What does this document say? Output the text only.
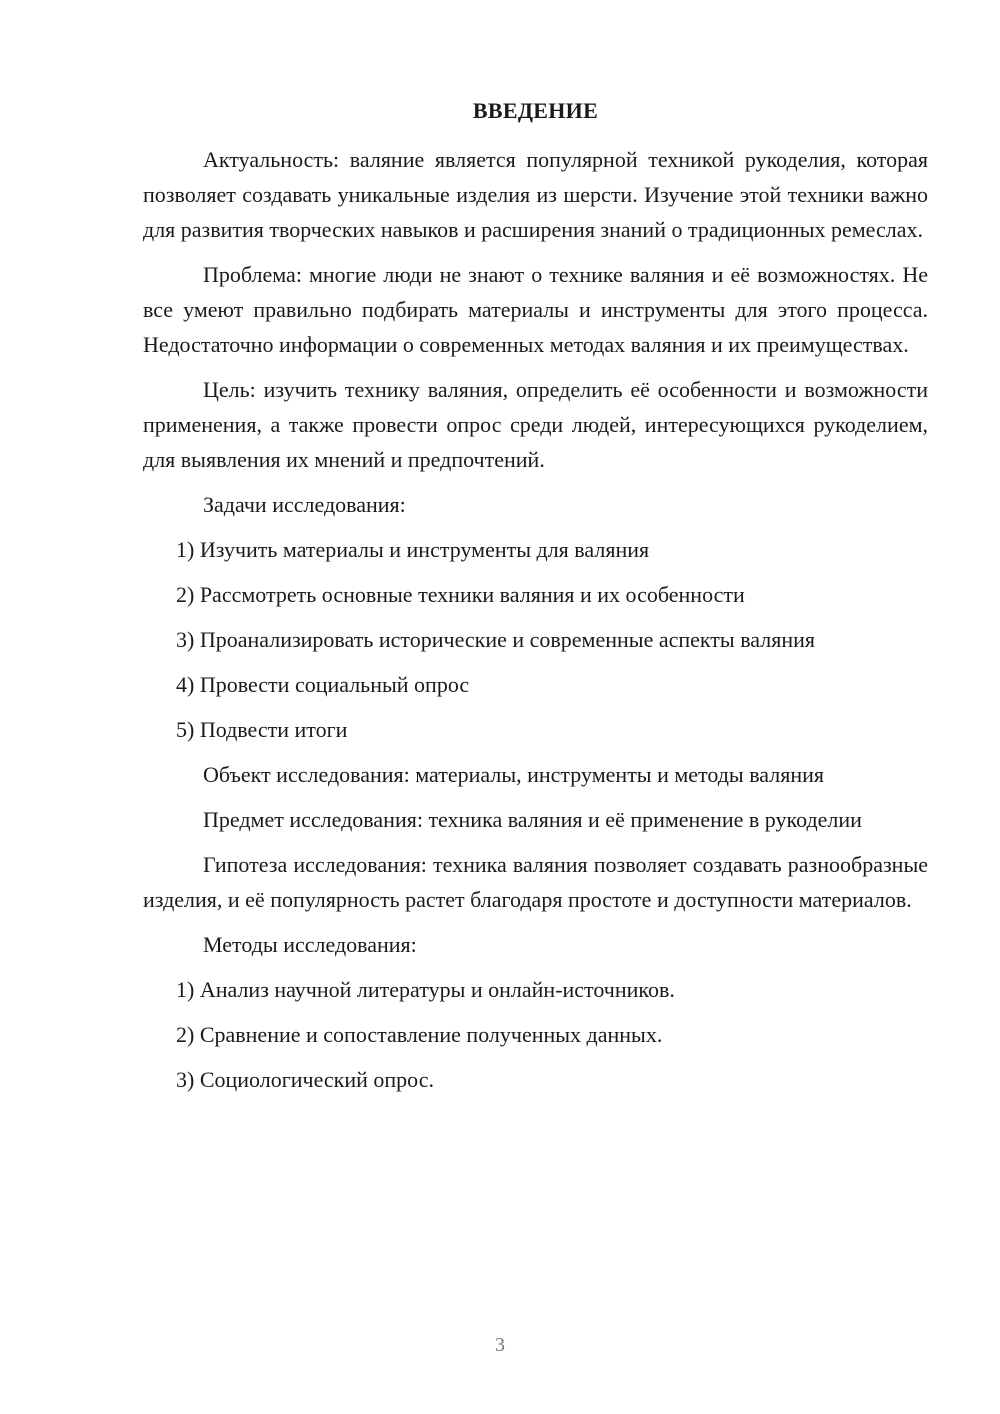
ВВЕДЕНИЕ

Актуальность: валяние является популярной техникой рукоделия, которая позволяет создавать уникальные изделия из шерсти. Изучение этой техники важно для развития творческих навыков и расширения знаний о традиционных ремеслах.

Проблема: многие люди не знают о технике валяния и её возможностях. Не все умеют правильно подбирать материалы и инструменты для этого процесса. Недостаточно информации о современных методах валяния и их преимуществах.

Цель: изучить технику валяния, определить её особенности и возможности применения, а также провести опрос среди людей, интересующихся рукоделием, для выявления их мнений и предпочтений.

Задачи исследования:

1) Изучить материалы и инструменты для валяния

2) Рассмотреть основные техники валяния и их особенности

3) Проанализировать исторические и современные аспекты валяния

4) Провести социальный опрос

5) Подвести итоги

Объект исследования: материалы, инструменты и методы валяния

Предмет исследования: техника валяния и её применение в рукоделии

Гипотеза исследования: техника валяния позволяет создавать разнообразные изделия, и её популярность растет благодаря простоте и доступности материалов.

Методы исследования:

1) Анализ научной литературы и онлайн-источников.

2) Сравнение и сопоставление полученных данных.

3) Социологический опрос.

3
